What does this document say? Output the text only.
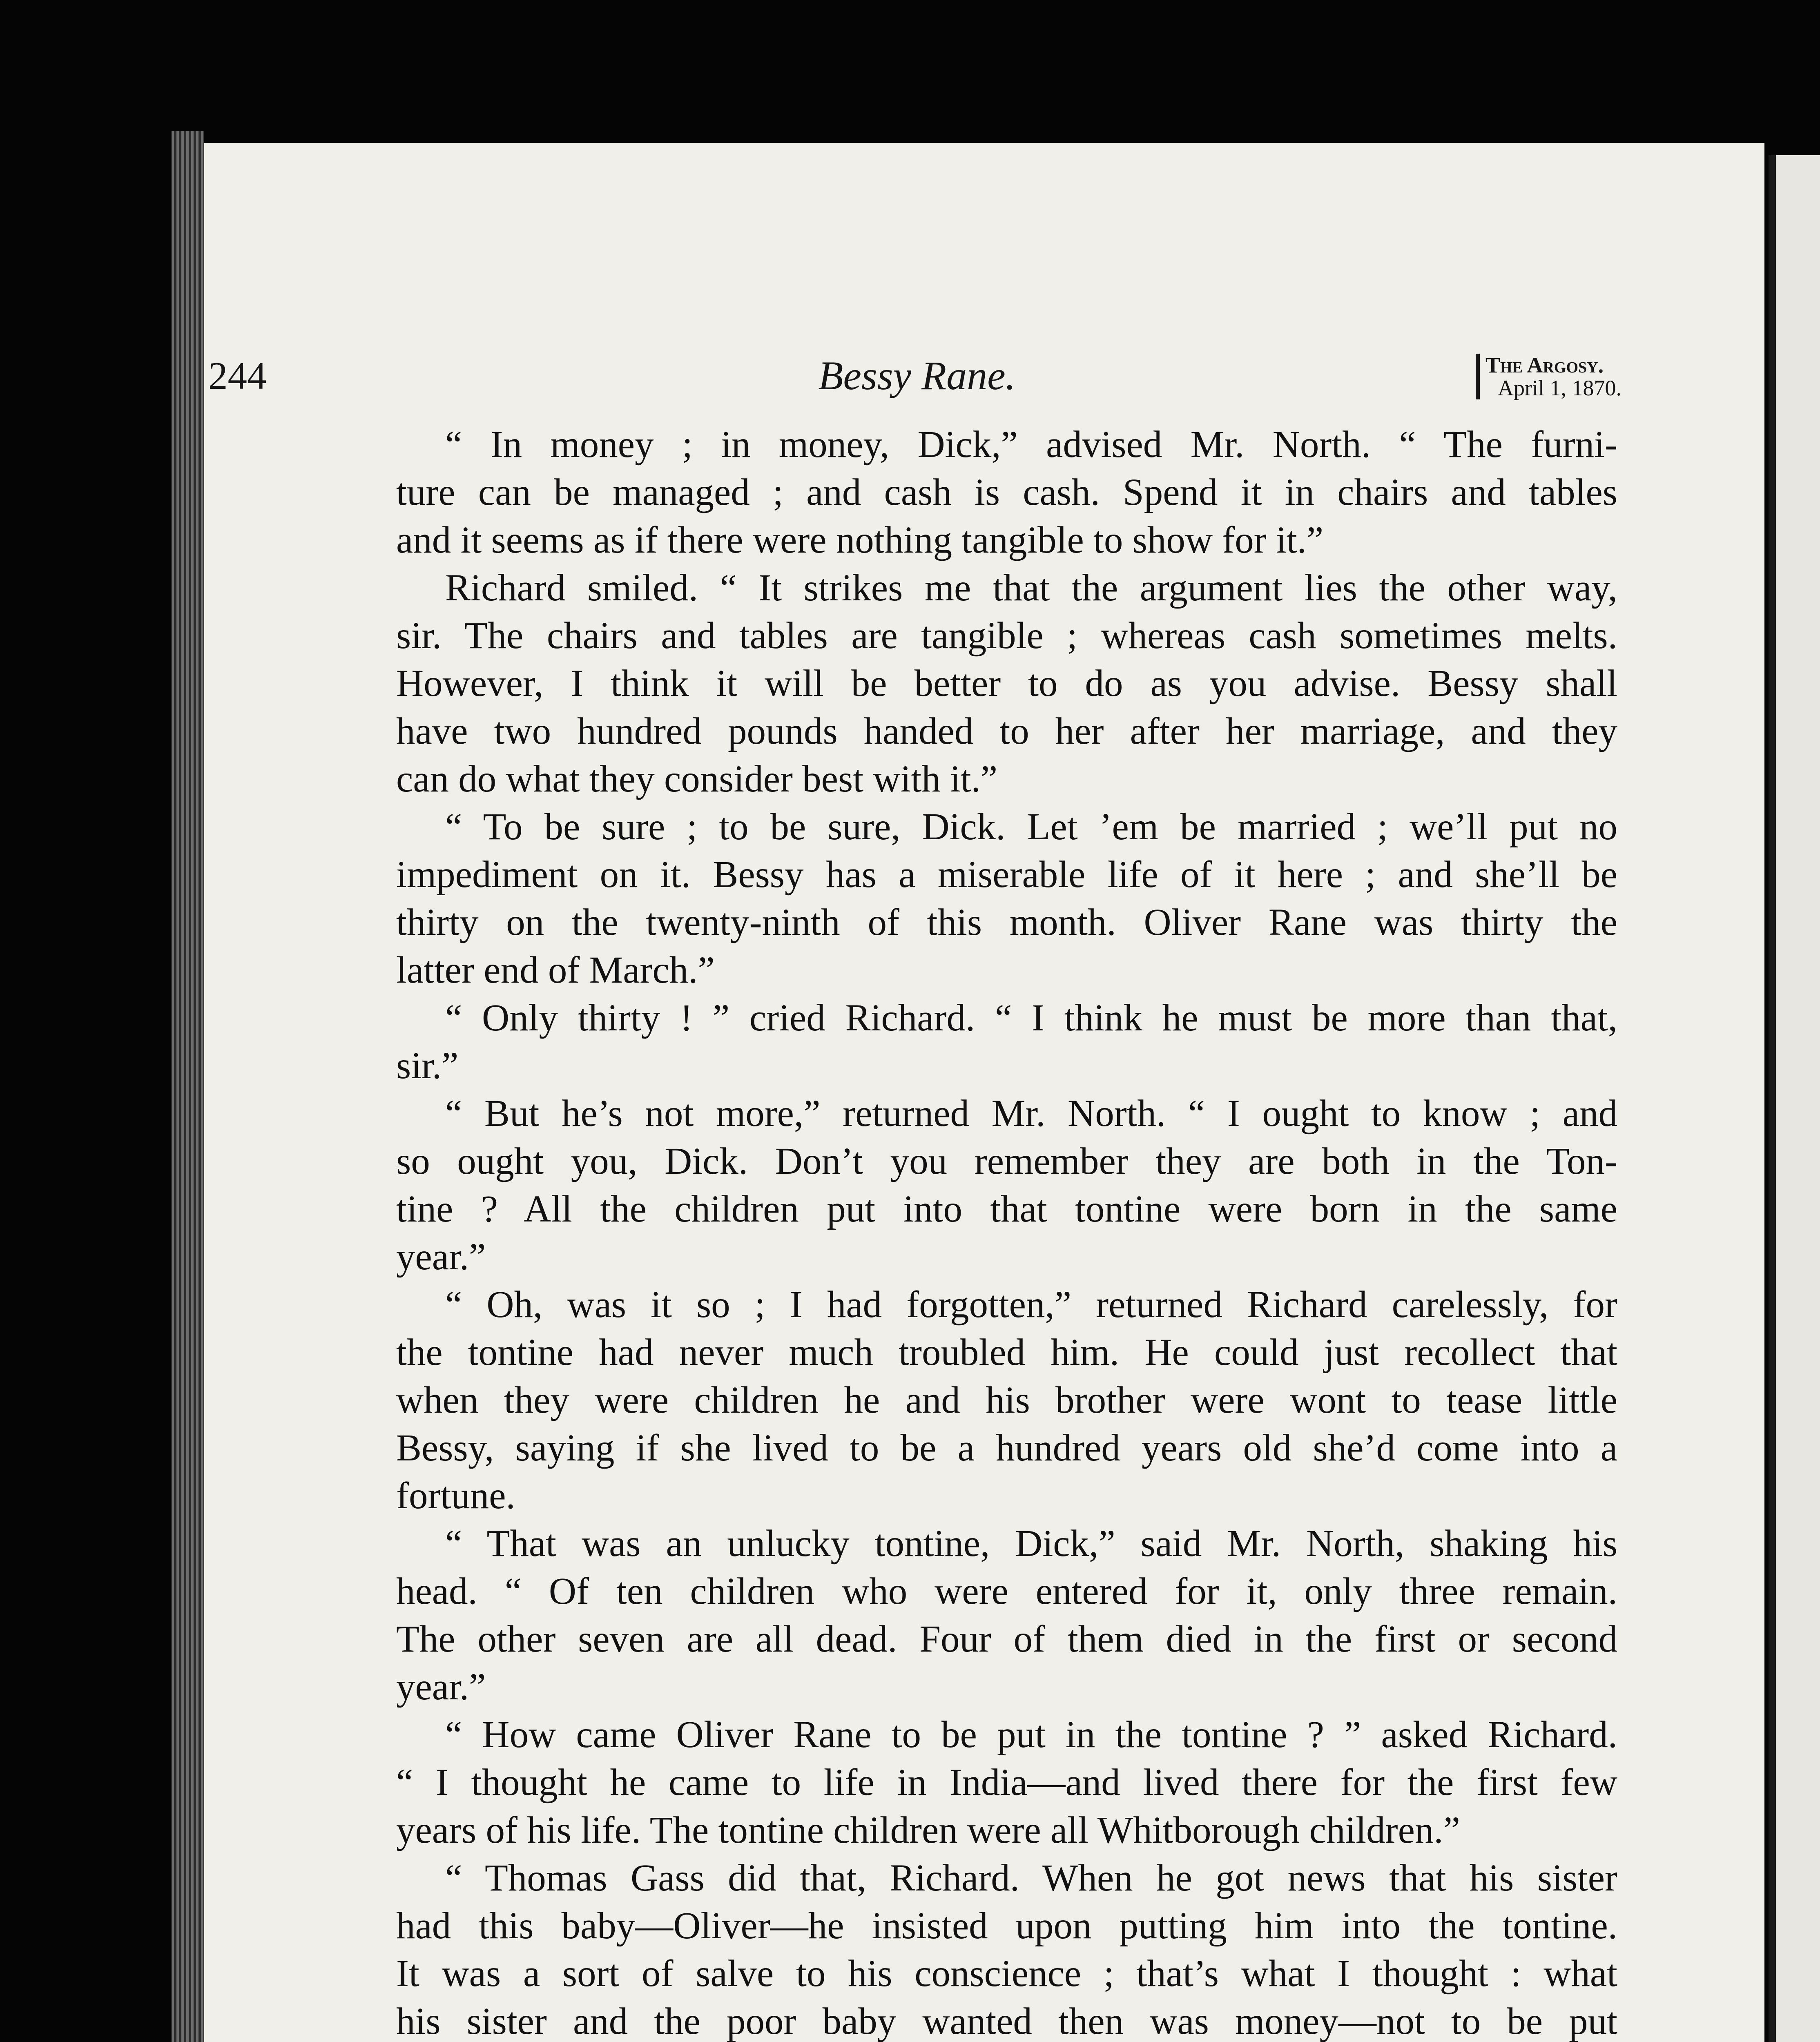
244	Bessy Rane.	The Argosy.
April 1, 1870.
“ In money ; in money, Dick,” advised Mr. North. “ The furni-
ture can be managed ; and cash is cash. Spend it in chairs and tables
and it seems as if there were nothing tangible to show for it.”
Richard smiled. “ It strikes me that the argument lies the other way,
sir. The chairs and tables are tangible ; whereas cash sometimes melts.
However, I think it will be better to do as you advise. Bessy shall
have two hundred pounds handed to her after her marriage, and they
can do what they consider best with it.”
“ To be sure ; to be sure, Dick. Let ’em be married ; we’ll put no
impediment on it. Bessy has a miserable life of it here ; and she’ll be
thirty on the twenty-ninth of this month. Oliver Rane was thirty the
latter end of March.”
“ Only thirty ! ” cried Richard. “ I think he must be more than that,
sir.”
“ But he’s not more,” returned Mr. North. “ I ought to know ; and
so ought you, Dick. Don’t you remember they are both in the Ton-
tine ? All the children put into that tontine were born in the same
year.”
“ Oh, was it so ; I had forgotten,” returned Richard carelessly, for
the tontine had never much troubled him. He could just recollect that
when they were children he and his brother were wont to tease little
Bessy, saying if she lived to be a hundred years old she’d come into a
fortune.
“ That was an unlucky tontine, Dick,” said Mr. North, shaking his
head. “ Of ten children who were entered for it, only three remain.
The other seven are all dead. Four of them died in the first or second
year.”
“ How came Oliver Rane to be put in the tontine ? ” asked Richard.
“ I thought he came to life in India—and lived there for the first few
years of his life. The tontine children were all Whitborough children.”
“ Thomas Gass did that, Richard. When he got news that his sister
had this baby—Oliver—he insisted upon putting him into the tontine.
It was a sort of salve to his conscience ; that’s what I thought : what
his sister and the poor baby wanted then was money—not to be put
